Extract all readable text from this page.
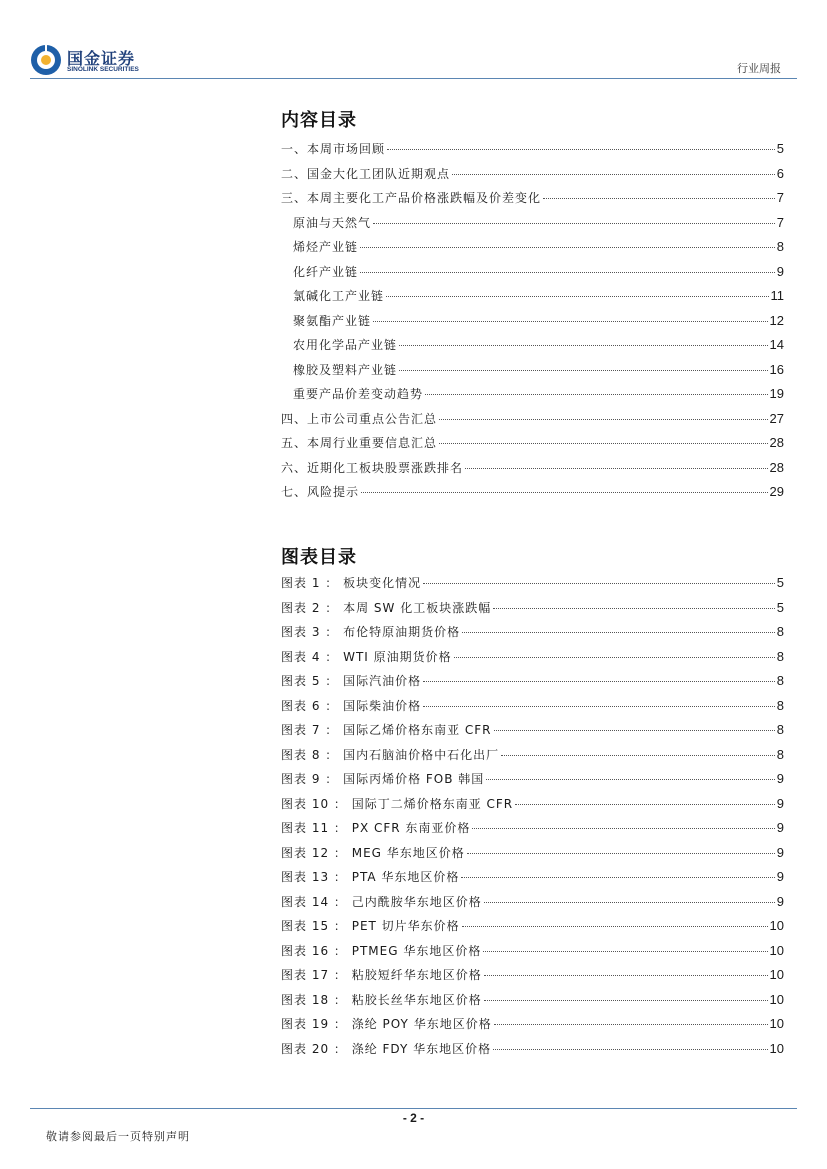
国金证券
SINOLINK SECURITIES	行业周报
内容目录
一、本周市场回顾	5
二、国金大化工团队近期观点	6
三、本周主要化工产品价格涨跌幅及价差变化	7
原油与天然气	7
烯烃产业链	8
化纤产业链	9
氯碱化工产业链	11
聚氨酯产业链	12
农用化学品产业链	14
橡胶及塑料产业链	16
重要产品价差变动趋势	19
四、上市公司重点公告汇总	27
五、本周行业重要信息汇总	28
六、近期化工板块股票涨跌排名	28
七、风险提示	29
图表目录
图表 1 ： 板块变化情况	5
图表 2 ： 本周 SW 化工板块涨跌幅	5
图表 3 ： 布伦特原油期货价格	8
图表 4 ： WTI 原油期货价格	8
图表 5 ： 国际汽油价格	8
图表 6 ： 国际柴油价格	8
图表 7 ： 国际乙烯价格东南亚 CFR	8
图表 8 ： 国内石脑油价格中石化出厂	8
图表 9 ： 国际丙烯价格 FOB 韩国	9
图表 10 ： 国际丁二烯价格东南亚 CFR	9
图表 11 ： PX CFR 东南亚价格	9
图表 12 ： MEG 华东地区价格	9
图表 13 ： PTA 华东地区价格	9
图表 14 ： 己内酰胺华东地区价格	9
图表 15 ： PET 切片华东价格	10
图表 16 ： PTMEG 华东地区价格	10
图表 17 ： 粘胶短纤华东地区价格	10
图表 18 ： 粘胶长丝华东地区价格	10
图表 19 ： 涤纶 POY 华东地区价格	10
图表 20 ： 涤纶 FDY 华东地区价格	10
- 2 -
敬请参阅最后一页特别声明
